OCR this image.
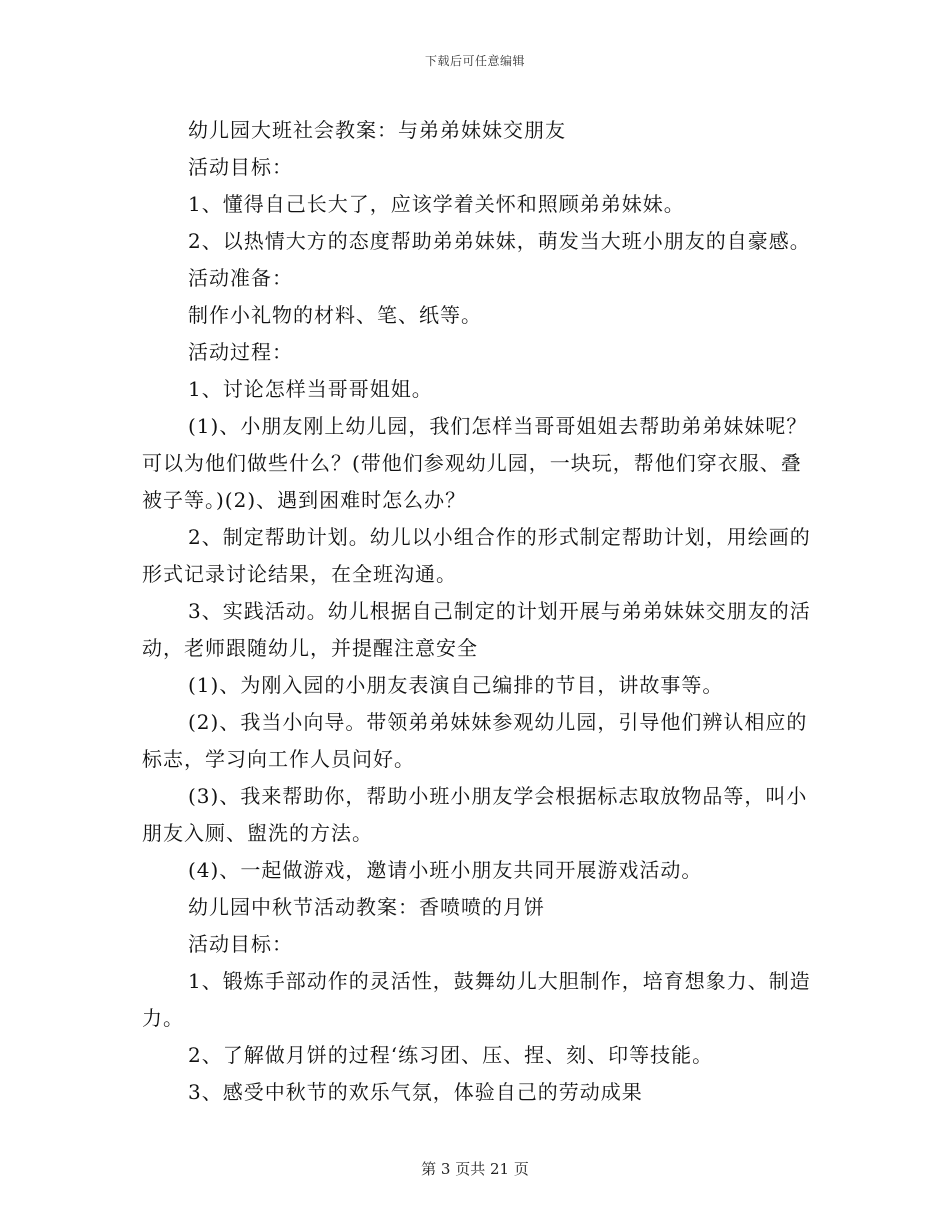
下载后可任意编辑

幼儿园大班社会教案：与弟弟妹妹交朋友

活动目标：

1、懂得自己长大了，应该学着关怀和照顾弟弟妹妹。

2、以热情大方的态度帮助弟弟妹妹，萌发当大班小朋友的自豪感。

活动准备：

制作小礼物的材料、笔、纸等。

活动过程：

1、讨论怎样当哥哥姐姐。

(1)、小朋友刚上幼儿园，我们怎样当哥哥姐姐去帮助弟弟妹妹呢？可以为他们做些什么？(带他们参观幼儿园，一块玩，帮他们穿衣服、叠被子等。)(2)、遇到困难时怎么办？

2、制定帮助计划。幼儿以小组合作的形式制定帮助计划，用绘画的形式记录讨论结果，在全班沟通。

3、实践活动。幼儿根据自己制定的计划开展与弟弟妹妹交朋友的活动，老师跟随幼儿，并提醒注意安全

(1)、为刚入园的小朋友表演自己编排的节目，讲故事等。

(2)、我当小向导。带领弟弟妹妹参观幼儿园，引导他们辨认相应的标志，学习向工作人员问好。

(3)、我来帮助你，帮助小班小朋友学会根据标志取放物品等，叫小朋友入厕、盥洗的方法。

(4)、一起做游戏，邀请小班小朋友共同开展游戏活动。

幼儿园中秋节活动教案：香喷喷的月饼

活动目标：

1、锻炼手部动作的灵活性，鼓舞幼儿大胆制作，培育想象力、制造力。

2、了解做月饼的过程‘练习团、压、捏、刻、印等技能。

3、感受中秋节的欢乐气氛，体验自己的劳动成果

第 3 页共 21 页
